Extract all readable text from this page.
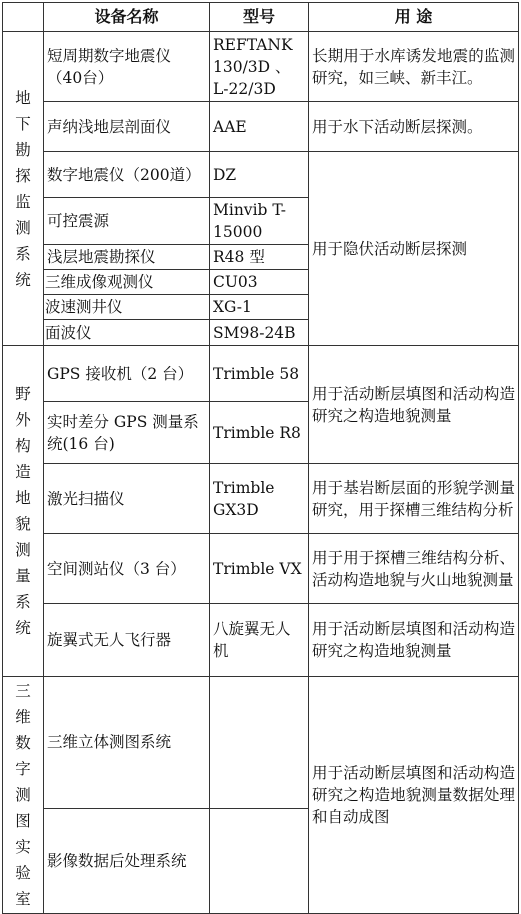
	设备名称	型号	用 途

地下勘探监测系统	短周期数字地震仪（40台）	REFTANK 130/3D 、L-22/3D	长期用于水库诱发地震的监测研究，如三峡、新丰江。
	声纳浅地层剖面仪	AAE	用于水下活动断层探测。
	数字地震仪（200道）	DZ	用于隐伏活动断层探测
	可控震源	Minvib T-15000	
	浅层地震勘探仪	R48 型	
	三维成像观测仪	CU03	
	波速测井仪	XG-1	
	面波仪	SM98-24B	

野外构造地貌测量系统	GPS 接收机（2 台）	Trimble 58	用于活动断层填图和活动构造研究之构造地貌测量
	实时差分 GPS 测量系统(16 台)	Trimble R8	
	激光扫描仪	Trimble GX3D	用于基岩断层面的形貌学测量研究，用于探槽三维结构分析
	空间测站仪（3 台）	Trimble VX	用于用于探槽三维结构分析、活动构造地貌与火山地貌测量
	旋翼式无人飞行器	八旋翼无人机	用于活动断层填图和活动构造研究之构造地貌测量

三维数字测图实验室	三维立体测图系统		用于活动断层填图和活动构造研究之构造地貌测量数据处理和自动成图
	影像数据后处理系统		
